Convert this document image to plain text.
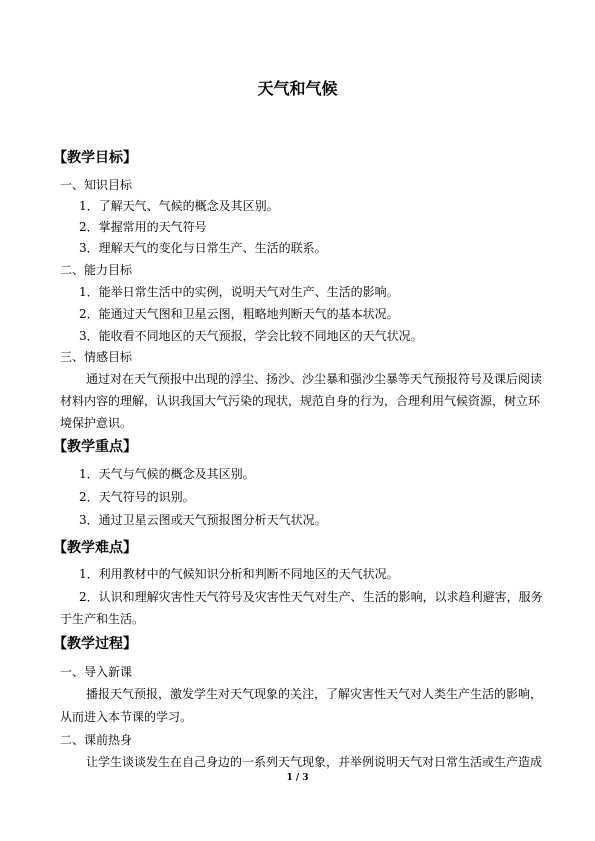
天气和气候
【教学目标】
一、知识目标
1．了解天气、气候的概念及其区别。
2．掌握常用的天气符号
3．理解天气的变化与日常生产、生活的联系。
二、能力目标
1．能举日常生活中的实例，说明天气对生产、生活的影响。
2．能通过天气图和卫星云图，粗略地判断天气的基本状况。
3．能收看不同地区的天气预报，学会比较不同地区的天气状况。
三、情感目标
通过对在天气预报中出现的浮尘、扬沙、沙尘暴和强沙尘暴等天气预报符号及课后阅读
材料内容的理解，认识我国大气污染的现状，规范自身的行为，合理利用气候资源，树立环
境保护意识。
【教学重点】
1．天气与气候的概念及其区别。
2．天气符号的识别。
3．通过卫星云图或天气预报图分析天气状况。
【教学难点】
1．利用教材中的气候知识分析和判断不同地区的天气状况。
2．认识和理解灾害性天气符号及灾害性天气对生产、生活的影响，以求趋利避害，服务
于生产和生活。
【教学过程】
一、导入新课
播报天气预报，激发学生对天气现象的关注，了解灾害性天气对人类生产生活的影响，
从而进入本节课的学习。
二、课前热身
让学生谈谈发生在自己身边的一系列天气现象，并举例说明天气对日常生活或生产造成
1 / 3
